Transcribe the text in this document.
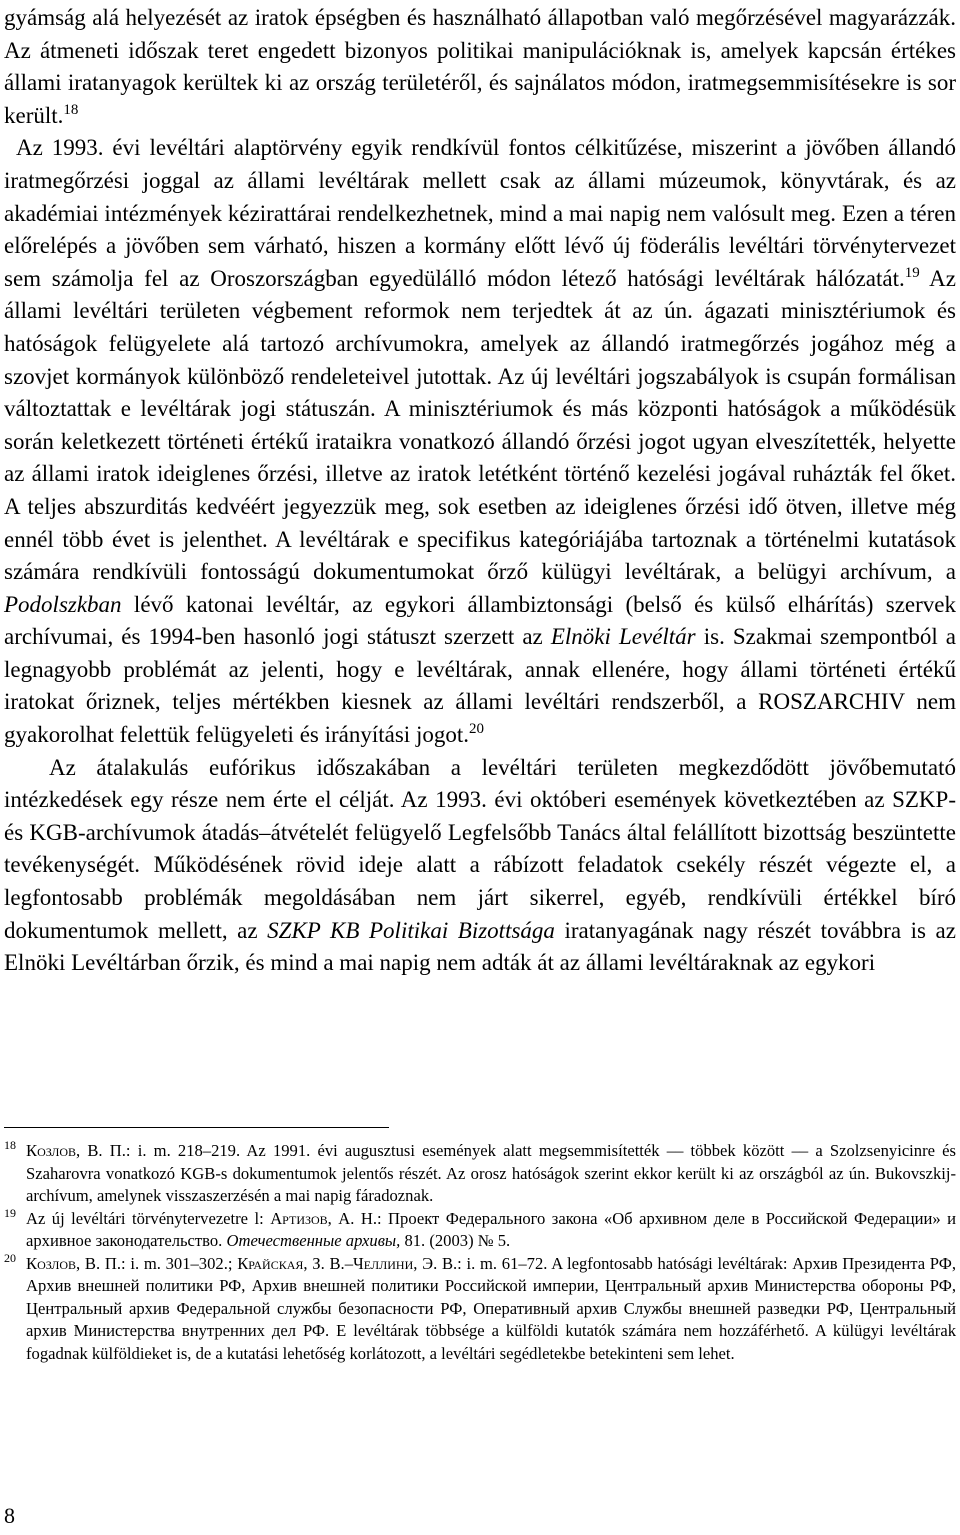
gyámság alá helyezését az iratok épségben és használható állapotban való megőrzésével magyarázzák. Az átmeneti időszak teret engedett bizonyos politikai manipulációknak is, amelyek kapcsán értékes állami iratanyagok kerültek ki az ország területéről, és sajnálatos módon, iratmegsemmisítésekre is sor került.$^{18}$

Az 1993. évi levéltári alaptörvény egyik rendkívül fontos célkitűzése, miszerint a jövőben állandó iratmegőrzési joggal az állami levéltárak mellett csak az állami múzeumok, könyvtárak, és az akadémiai intézmények kézirattárai rendelkezhetnek, mind a mai napig nem valósult meg. Ezen a téren előrelépés a jövőben sem várható, hiszen a kormány előtt lévő új föderális levéltári törvénytervezet sem számolja fel az Oroszországban egyedülálló módon létező hatósági levéltárak hálózatát.$^{19}$ Az állami levéltári területen végbement reformok nem terjedtek át az ún. ágazati minisztériumok és hatóságok felügyelete alá tartozó archívumokra, amelyek az állandó iratmegőrzés jogához még a szovjet kormányok különböző rendeleteivel jutottak. Az új levéltári jogszabályok is csupán formálisan változtattak e levéltárak jogi státuszán. A minisztériumok és más központi hatóságok a működésük során keletkezett történeti értékű irataikra vonatkozó állandó őrzési jogot ugyan elveszítették, helyette az állami iratok ideiglenes őrzési, illetve az iratok letétként történő kezelési jogával ruházták fel őket. A teljes abszurditás kedvéért jegyezzük meg, sok esetben az ideiglenes őrzési idő ötven, illetve még ennél több évet is jelenthet. A levéltárak e specifikus kategóriájába tartoznak a történelmi kutatások számára rendkívüli fontosságú dokumentumokat őrző külügyi levéltárak, a belügyi archívum, a Podolszkban lévő katonai levéltár, az egykori állambiztonsági (belső és külső elhárítás) szervek archívumai, és 1994-ben hasonló jogi státuszt szerzett az Elnöki Levéltár is. Szakmai szempontból a legnagyobb problémát az jelenti, hogy e levéltárak, annak ellenére, hogy állami történeti értékű iratokat őriznek, teljes mértékben kiesnek az állami levéltári rendszerből, a ROSZARCHIV nem gyakorolhat felettük felügyeleti és irányítási jogot.$^{20}$

Az átalakulás eufórikus időszakában a levéltári területen megkezdődött jövőbemutató intézkedések egy része nem érte el célját. Az 1993. évi októberi események következtében az SZKP- és KGB-archívumok átadás–átvételét felügyelő Legfelsőbb Tanács által felállított bizottság beszüntette tevékenységét. Működésének rövid ideje alatt a rábízott feladatok csekély részét végezte el, a legfontosabb problémák megoldásában nem járt sikerrel, egyéb, rendkívüli értékkel bíró dokumentumok mellett, az SZKP KB Politikai Bizottsága iratanyagának nagy részét továbbra is az Elnöki Levéltárban őrzik, és mind a mai napig nem adták át az állami levéltáraknak az egykori

18 Козлов, В. П.: i. m. 218–219. Az 1991. évi augusztusi események alatt megsemmisítették –– többek között –– a Szolzsenyicinre és Szaharovra vonatkozó KGB-s dokumentumok jelentős részét. Az orosz hatóságok szerint ekkor került ki az országból az ún. Bukovszkij-archívum, amelynek visszaszerzésén a mai napig fáradoznak.

19 Az új levéltári törvénytervezetre l: Артизов, А. Н.: Проект Федерального закона «Об архивном деле в Российской Федерации» и архивное законодательство. Отечественные архивы, 81. (2003) № 5.

20 Козлов, В. П.: i. m. 301–302.; Крайская, З. В.–Челлини, Э. В.: i. m. 61–72. A legfontosabb hatósági levéltárak: Архив Президента РФ, Архив внешней политики РФ, Архив внешней политики Российской империи, Центральный архив Министерства обороны РФ, Центральный архив Федеральной службы безопасности РФ, Оперативный архив Службы внешней разведки РФ, Центральный архив Министерства внутренних дел РФ. E levéltárak többsége a külföldi kutatók számára nem hozzáférhető. A külügyi levéltárak fogadnak külföldieket is, de a kutatási lehetőség korlátozott, a levéltári segédletekbe betekinteni sem lehet.

8
